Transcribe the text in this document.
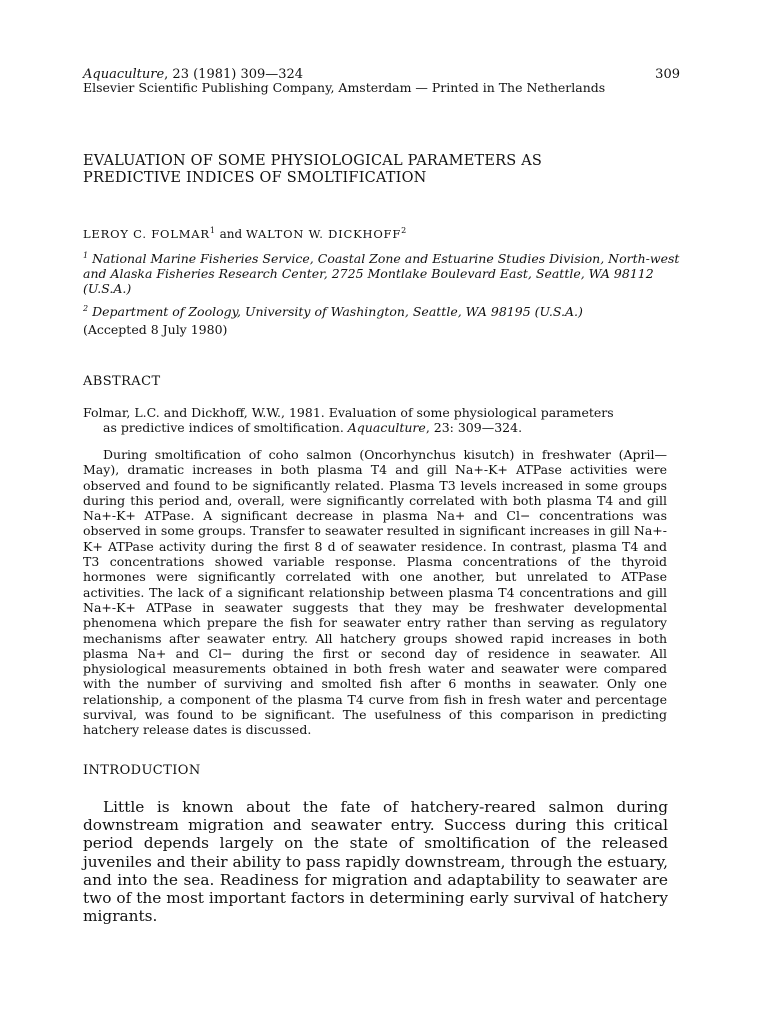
Aquaculture, 23 (1981) 309—324	309
Elsevier Scientific Publishing Company, Amsterdam — Printed in The Netherlands
EVALUATION OF SOME PHYSIOLOGICAL PARAMETERS AS
PREDICTIVE INDICES OF SMOLTIFICATION
LEROY C. FOLMAR$^1$ and WALTON W. DICKHOFF$^2$
$^1$ National Marine Fisheries Service, Coastal Zone and Estuarine Studies Division, North-west and Alaska Fisheries Research Center, 2725 Montlake Boulevard East, Seattle, WA 98112 (U.S.A.)
$^2$ Department of Zoology, University of Washington, Seattle, WA 98195 (U.S.A.)
(Accepted 8 July 1980)
ABSTRACT
Folmar, L.C. and Dickhoff, W.W., 1981. Evaluation of some physiological parameters
as predictive indices of smoltification. Aquaculture, 23: 309—324.
During smoltification of coho salmon (Oncorhynchus kisutch) in freshwater (April—May), dramatic increases in both plasma T4 and gill Na+-K+ ATPase activities were observed and found to be significantly related. Plasma T3 levels increased in some groups during this period and, overall, were significantly correlated with both plasma T4 and gill Na+-K+ ATPase. A significant decrease in plasma Na+ and Cl− concentrations was observed in some groups. Transfer to seawater resulted in significant increases in gill Na+-K+ ATPase activity during the first 8 d of seawater residence. In contrast, plasma T4 and T3 concentrations showed variable response. Plasma concentrations of the thyroid hormones were significantly correlated with one another, but unrelated to ATPase activities. The lack of a significant relationship between plasma T4 concentrations and gill Na+-K+ ATPase in seawater suggests that they may be freshwater developmental phenomena which prepare the fish for seawater entry rather than serving as regulatory mechanisms after seawater entry. All hatchery groups showed rapid increases in both plasma Na+ and Cl− during the first or second day of residence in seawater. All physiological measurements obtained in both fresh water and seawater were compared with the number of surviving and smolted fish after 6 months in seawater. Only one relationship, a component of the plasma T4 curve from fish in fresh water and percentage survival, was found to be significant. The usefulness of this comparison in predicting hatchery release dates is discussed.
INTRODUCTION
Little is known about the fate of hatchery-reared salmon during downstream migration and seawater entry. Success during this critical period depends largely on the state of smoltification of the released juveniles and their ability to pass rapidly downstream, through the estuary, and into the sea. Readiness for migration and adaptability to seawater are two of the most important factors in determining early survival of hatchery migrants.
